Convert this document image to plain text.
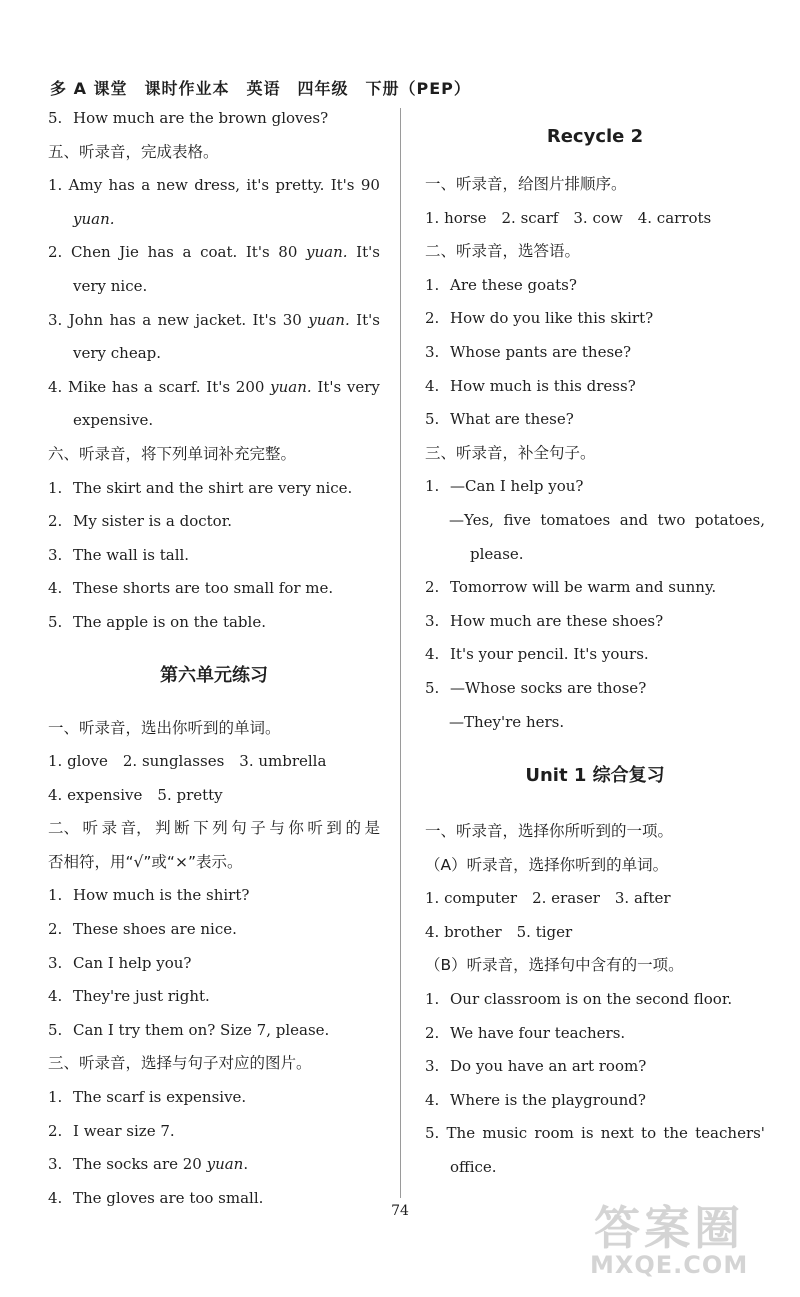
多 A 课堂　课时作业本　英语　四年级　下册（PEP）
5. How much are the brown gloves?
五、听录音，完成表格。
1. Amy has a new dress, it's pretty. It's 90
yuan.
2. Chen Jie has a coat. It's 80 yuan. It's
very nice.
3. John has a new jacket. It's 30 yuan. It's
very cheap.
4. Mike has a scarf. It's 200 yuan. It's very
expensive.
六、听录音，将下列单词补充完整。
1. The skirt and the shirt are very nice.
2. My sister is a doctor.
3. The wall is tall.
4. These shorts are too small for me.
5. The apple is on the table.
第六单元练习
一、听录音，选出你听到的单词。
1. glove　2. sunglasses　3. umbrella
4. expensive　5. pretty
二、 听 录 音， 判 断 下 列 句 子 与 你 听 到 的 是
否相符，用“√”或“×”表示。
1. How much is the shirt?
2. These shoes are nice.
3. Can I help you?
4. They're just right.
5. Can I try them on? Size 7, please.
三、听录音，选择与句子对应的图片。
1. The scarf is expensive.
2. I wear size 7.
3. The socks are 20 yuan.
4. The gloves are too small.
Recycle 2
一、听录音，给图片排顺序。
1. horse　2. scarf　3. cow　4. carrots
二、听录音，选答语。
1. Are these goats?
2. How do you like this skirt?
3. Whose pants are these?
4. How much is this dress?
5. What are these?
三、听录音，补全句子。
1. —Can I help you?
—Yes, five tomatoes and two potatoes,
please.
2. Tomorrow will be warm and sunny.
3. How much are these shoes?
4. It's your pencil. It's yours.
5. —Whose socks are those?
—They're hers.
Unit 1 综合复习
一、听录音，选择你所听到的一项。
（A）听录音，选择你听到的单词。
1. computer　2. eraser　3. after
4. brother　5. tiger
（B）听录音，选择句中含有的一项。
1. Our classroom is on the second floor.
2. We have four teachers.
3. Do you have an art room?
4. Where is the playground?
5. The music room is next to the teachers'
office.
74	答案圈
MXQE.COM
